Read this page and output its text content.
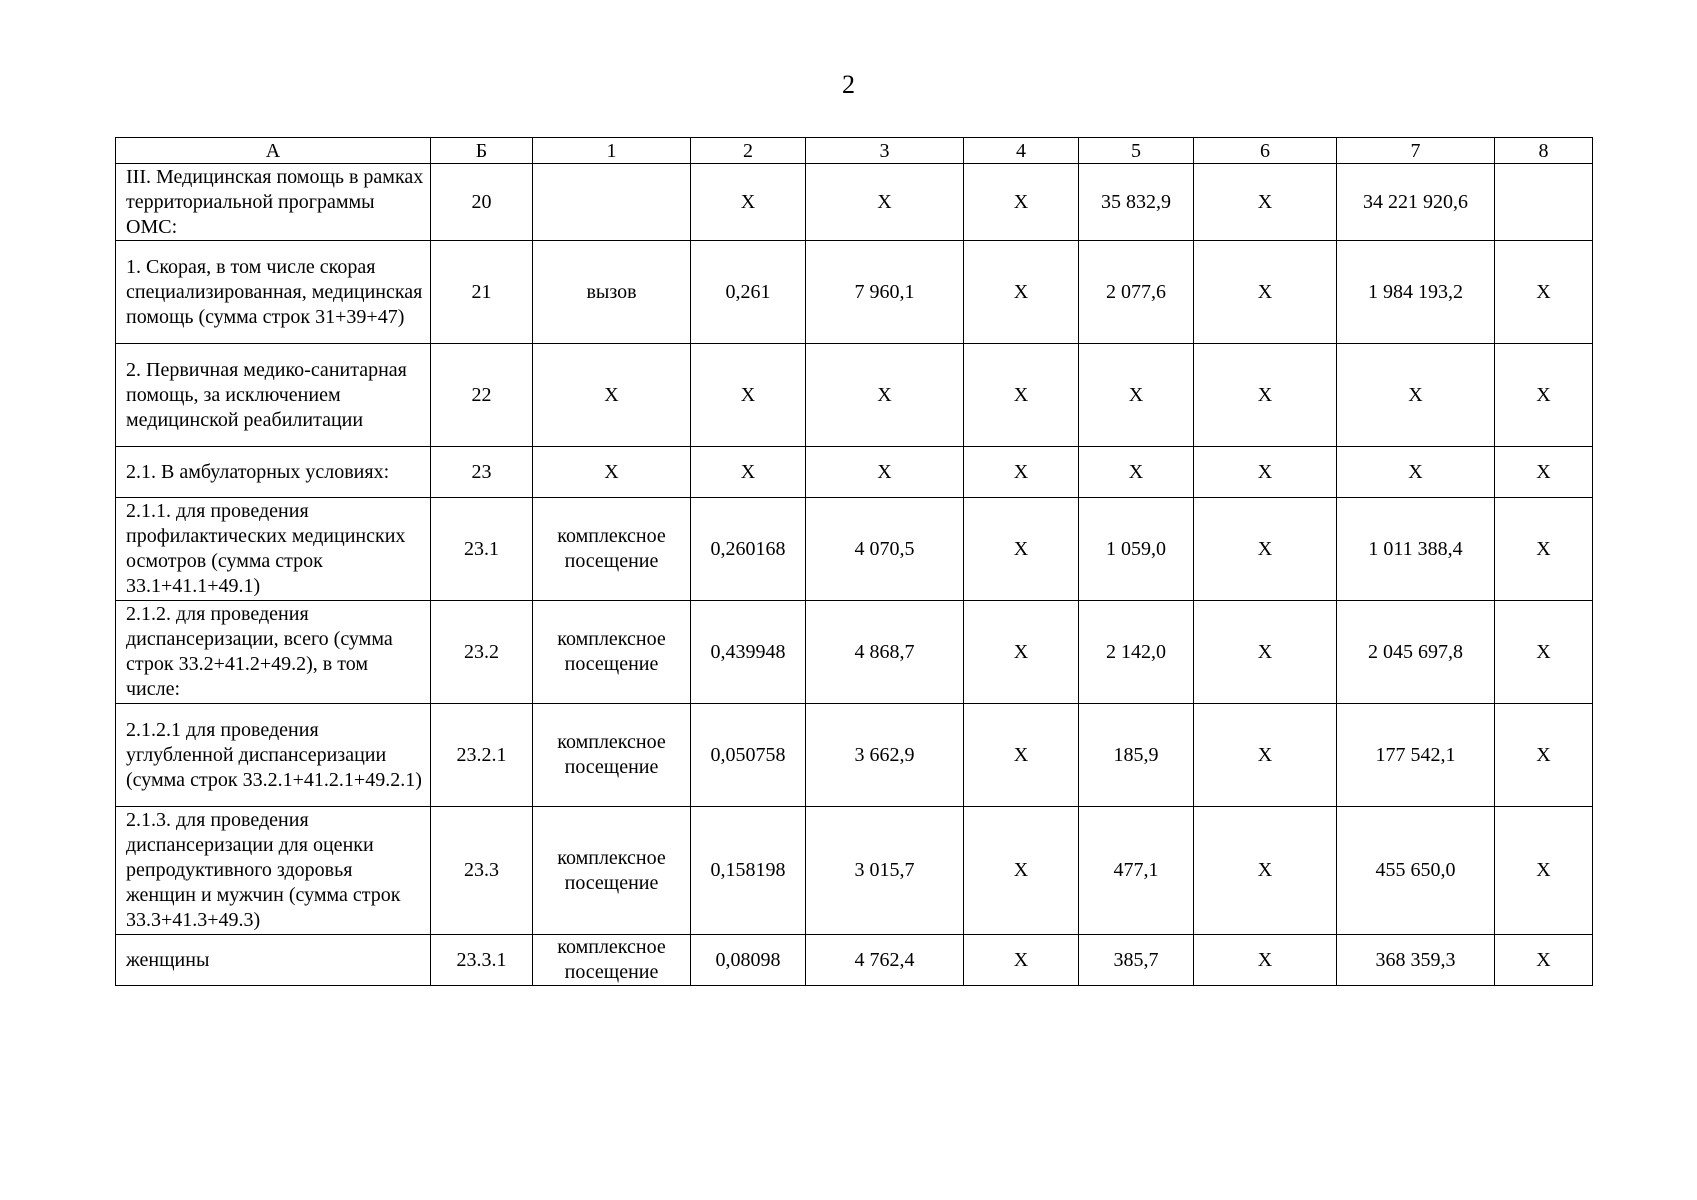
2
А	Б	1	2	3	4	5	6	7	8
III. Медицинская помощь в рамках территориальной программы ОМС:	20		Х	Х	Х	35 832,9	Х	34 221 920,6	
1. Скорая, в том числе скорая специализированная, медицинская помощь (сумма строк 31+39+47)	21	вызов	0,261	7 960,1	Х	2 077,6	Х	1 984 193,2	Х
2. Первичная медико-санитарная помощь, за исключением медицинской реабилитации	22	Х	Х	Х	Х	Х	Х	Х	Х
2.1. В амбулаторных условиях:	23	Х	Х	Х	Х	Х	Х	Х	Х
2.1.1. для проведения профилактических медицинских осмотров (сумма строк 33.1+41.1+49.1)	23.1	комплексное посещение	0,260168	4 070,5	Х	1 059,0	Х	1 011 388,4	Х
2.1.2. для проведения диспансеризации, всего (сумма строк 33.2+41.2+49.2), в том числе:	23.2	комплексное посещение	0,439948	4 868,7	Х	2 142,0	Х	2 045 697,8	Х
2.1.2.1 для проведения углубленной диспансеризации (сумма строк 33.2.1+41.2.1+49.2.1)	23.2.1	комплексное посещение	0,050758	3 662,9	Х	185,9	Х	177 542,1	Х
2.1.3. для проведения диспансеризации для оценки репродуктивного здоровья женщин и мужчин (сумма строк 33.3+41.3+49.3)	23.3	комплексное посещение	0,158198	3 015,7	Х	477,1	Х	455 650,0	Х
женщины	23.3.1	комплексное посещение	0,08098	4 762,4	Х	385,7	Х	368 359,3	Х
